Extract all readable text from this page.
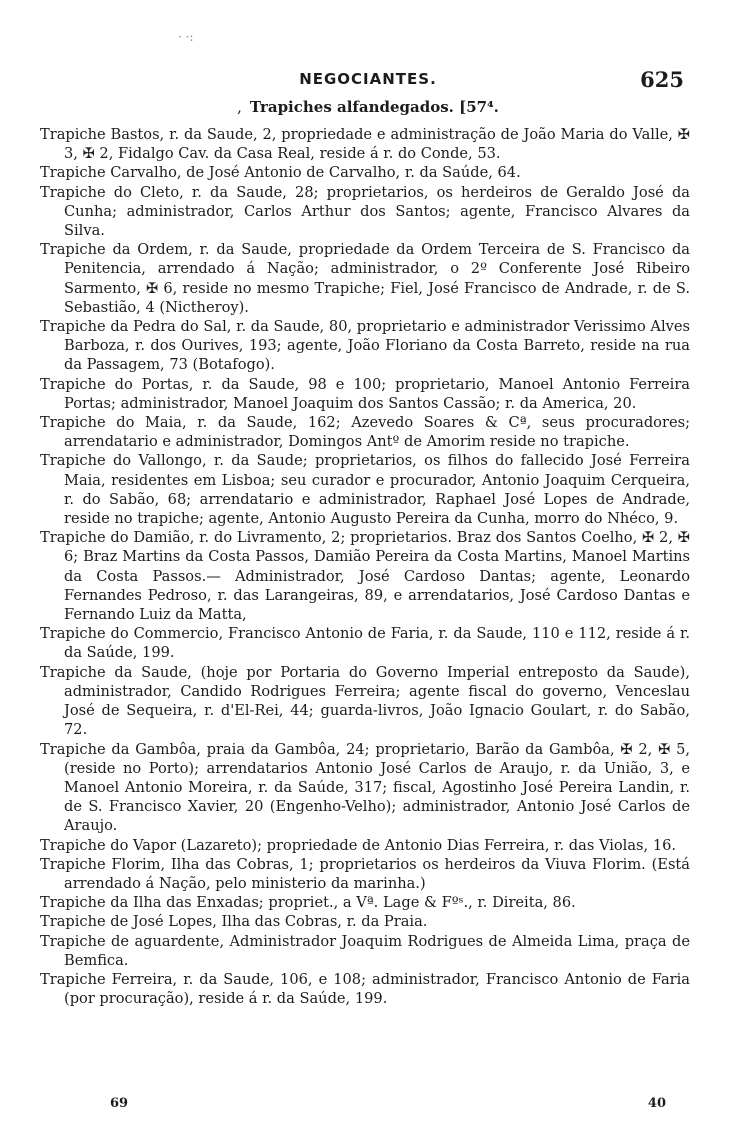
· ·:
NEGOCIANTES.	625
, Trapiches alfandegados. [57⁴.

Trapiche Bastos, r. da Saude, 2, propriedade e administração de João Maria do Valle, ✠ 3, ✠ 2, Fidalgo Cav. da Casa Real, reside á r. do Conde, 53.

Trapiche Carvalho, de José Antonio de Carvalho, r. da Saúde, 64.

Trapiche do Cleto, r. da Saude, 28; proprietarios, os herdeiros de Geraldo José da Cunha; administrador, Carlos Arthur dos Santos; agente, Francisco Alvares da Silva.

Trapiche da Ordem, r. da Saude, propriedade da Ordem Terceira de S. Francisco da Penitencia, arrendado á Nação; administrador, o 2º Conferente José Ribeiro Sarmento, ✠ 6, reside no mesmo Trapiche; Fiel, José Francisco de Andrade, r. de S. Sebastião, 4 (Nictheroy).

Trapiche da Pedra do Sal, r. da Saude, 80, proprietario e administrador Verissimo Alves Barboza, r. dos Ourives, 193; agente, João Floriano da Costa Barreto, reside na rua da Passagem, 73 (Botafogo).

Trapiche do Portas, r. da Saude, 98 e 100; proprietario, Manoel Antonio Ferreira Portas; administrador, Manoel Joaquim dos Santos Cassão; r. da America, 20.

Trapiche do Maia, r. da Saude, 162; Azevedo Soares & Cª, seus procuradores; arrendatario e administrador, Domingos Antº de Amorim reside no trapiche.

Trapiche do Vallongo, r. da Saude; proprietarios, os filhos do fallecido José Ferreira Maia, residentes em Lisboa; seu curador e procurador, Antonio Joaquim Cerqueira, r. do Sabão, 68; arrendatario e administrador, Raphael José Lopes de Andrade, reside no trapiche; agente, Antonio Augusto Pereira da Cunha, morro do Nhéco, 9.

Trapiche do Damião, r. do Livramento, 2; proprietarios. Braz dos Santos Coelho, ✠ 2, ✠ 6; Braz Martins da Costa Passos, Damião Pereira da Costa Martins, Manoel Martins da Costa Passos.— Administrador, José Cardoso Dantas; agente, Leonardo Fernandes Pedroso, r. das Larangeiras, 89, e arrendatarios, José Cardoso Dantas e Fernando Luiz da Matta,

Trapiche do Commercio, Francisco Antonio de Faria, r. da Saude, 110 e 112, reside á r. da Saúde, 199.

Trapiche da Saude, (hoje por Portaria do Governo Imperial entreposto da Saude), administrador, Candido Rodrigues Ferreira; agente fiscal do governo, Venceslau José de Sequeira, r. d'El-Rei, 44; guarda-livros, João Ignacio Goulart, r. do Sabão, 72.

Trapiche da Gambôa, praia da Gambôa, 24; proprietario, Barão da Gambôa, ✠ 2, ✠ 5, (reside no Porto); arrendatarios Antonio José Carlos de Araujo, r. da União, 3, e Manoel Antonio Moreira, r. da Saúde, 317; fiscal, Agostinho José Pereira Landin, r. de S. Francisco Xavier, 20 (Engenho-Velho); administrador, Antonio José Carlos de Araujo.

Trapiche do Vapor (Lazareto); propriedade de Antonio Dias Ferreira, r. das Violas, 16.

Trapiche Florim, Ilha das Cobras, 1; proprietarios os herdeiros da Viuva Florim. (Está arrendado á Nação, pelo ministerio da marinha.)

Trapiche da Ilha das Enxadas; propriet., a Vª. Lage & Fºˢ., r. Direita, 86.

Trapiche de José Lopes, Ilha das Cobras, r. da Praia.

Trapiche de aguardente, Administrador Joaquim Rodrigues de Almeida Lima, praça de Bemfica.

Trapiche Ferreira, r. da Saude, 106, e 108; administrador, Francisco Antonio de Faria (por procuração), reside á r. da Saúde, 199.

69	40
